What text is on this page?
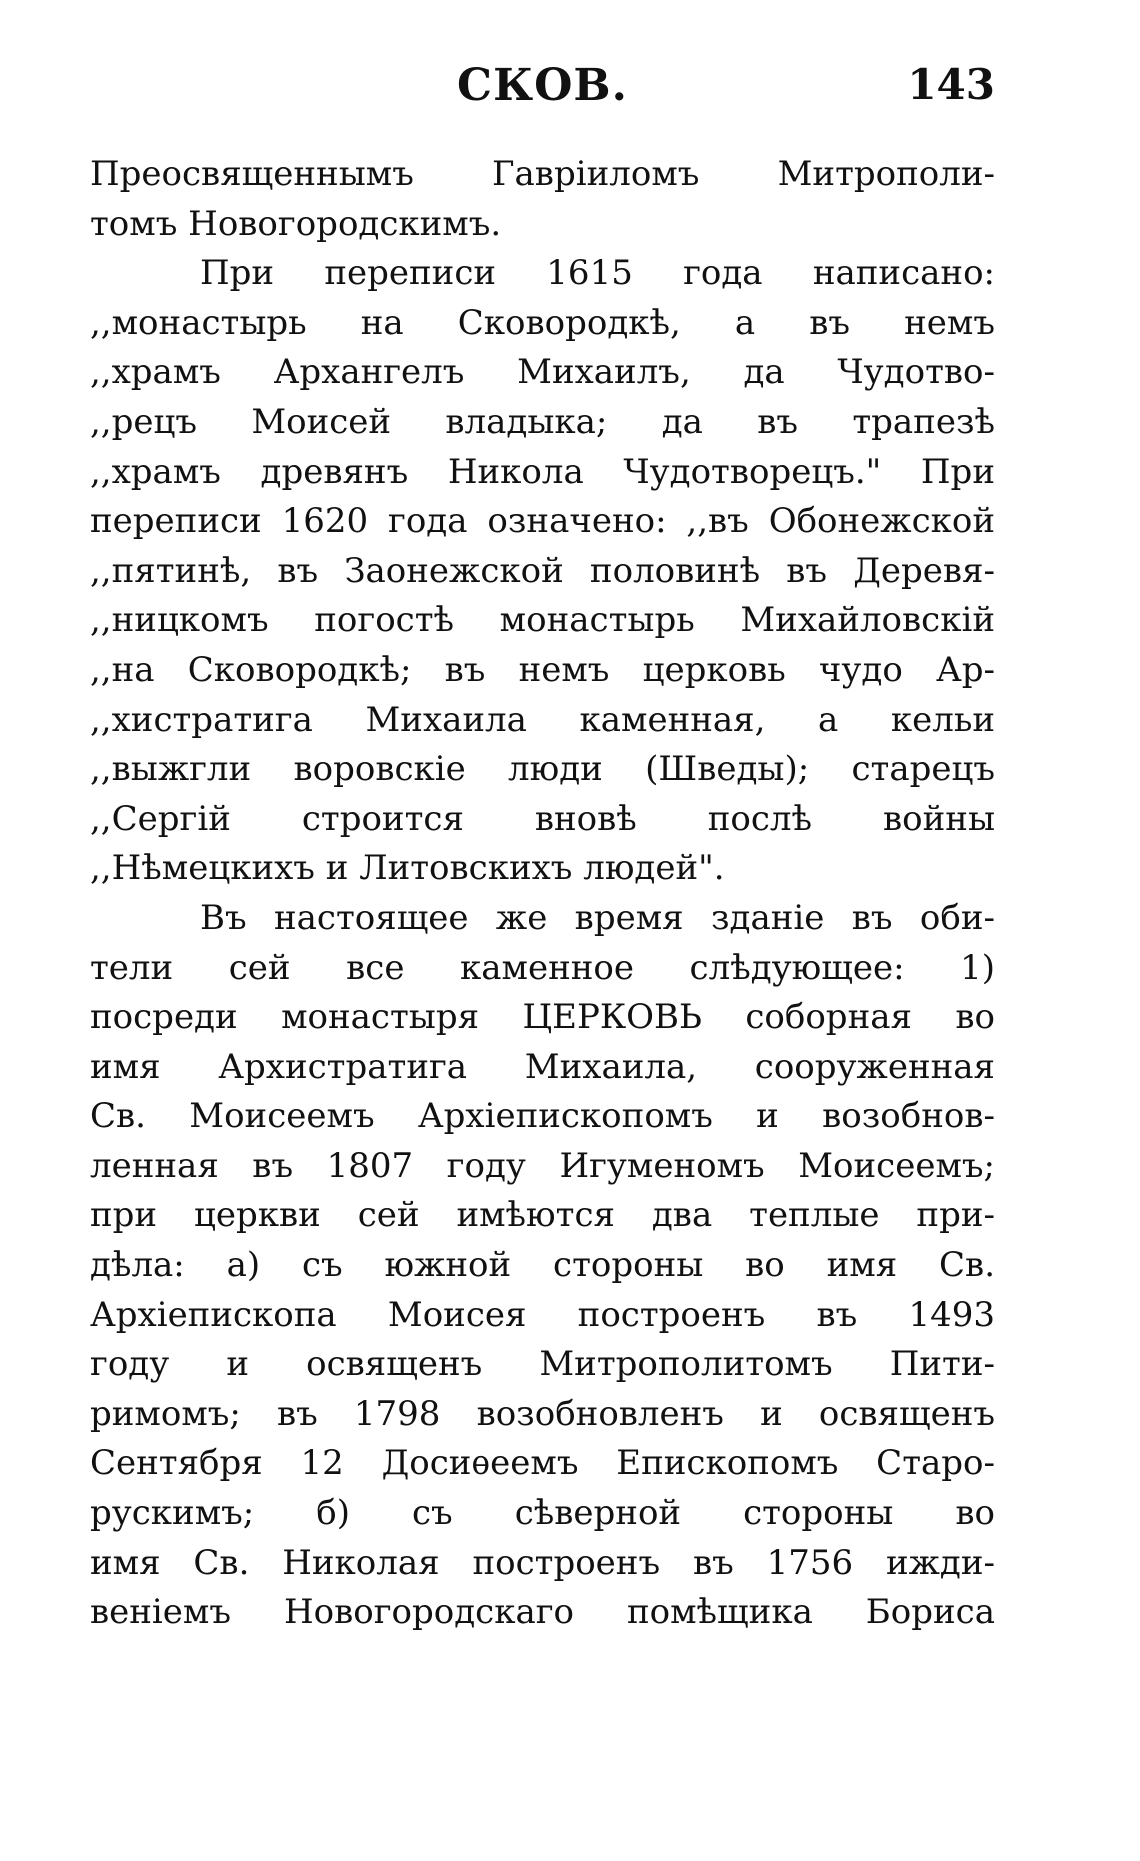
СКОВ.	143
Преосвященнымъ Гавріиломъ Митрополи-
томъ Новогородскимъ.
При переписи 1615 года написано:
,,монастырь на Сковородкѣ, а въ немъ
,,храмъ Архангелъ Михаилъ, да Чудотво-
,,рецъ Моисей владыка; да въ трапезѣ
,,храмъ древянъ Никола Чудотворецъ." При
переписи 1620 года означено: ,,въ Обонежской
,,пятинѣ, въ Заонежской половинѣ въ Деревя-
,,ницкомъ погостѣ монастырь Михайловскій
,,на Сковородкѣ; въ немъ церковь чудо Ар-
,,хистратига Михаила каменная, а кельи
,,выжгли воровскіе люди (Шведы); старецъ
,,Сергій строится вновѣ послѣ войны
,,Нѣмецкихъ и Литовскихъ людей".
Въ настоящее же время зданіе въ оби-
тели сей все каменное слѣдующее: 1)
посреди монастыря ЦЕРКОВЬ соборная во
имя Архистратига Михаила, сооруженная
Св. Моисеемъ Архіепископомъ и возобнов-
ленная въ 1807 году Игуменомъ Моисеемъ;
при церкви сей имѣются два теплые при-
дѣла: а) съ южной стороны во имя Св.
Архіепископа Моисея построенъ въ 1493
году и освященъ Митрополитомъ Пити-
римомъ; въ 1798 возобновленъ и освященъ
Сентября 12 Досиѳеемъ Епископомъ Старо-
рускимъ; б) съ сѣверной стороны во
имя Св. Николая построенъ въ 1756 ижди-
веніемъ Новогородскаго помѣщика Бориса
